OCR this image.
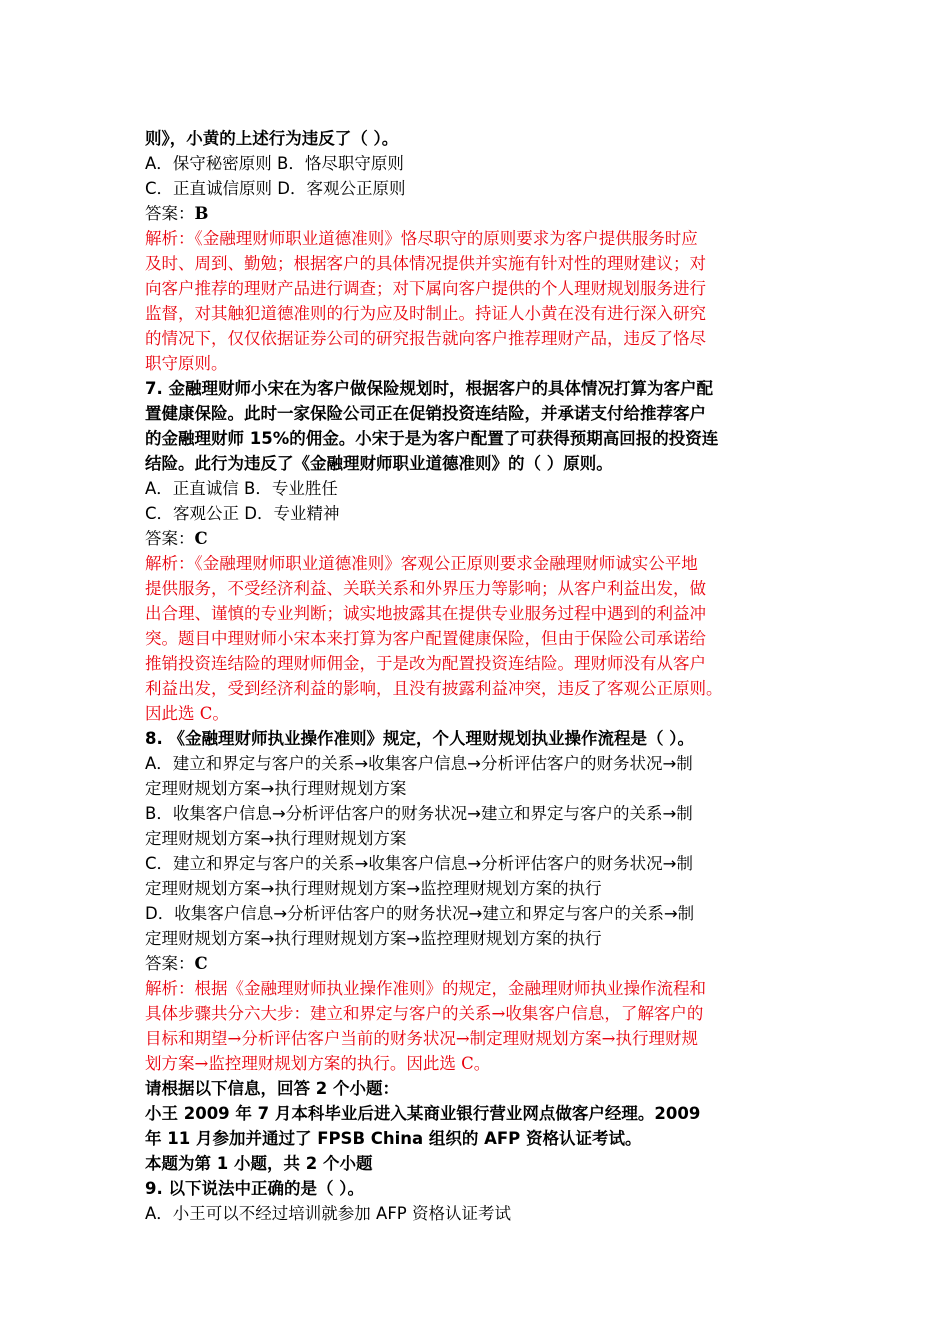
则》，小黄的上述行为违反了（ ）。
A．保守秘密原则 B．恪尽职守原则
C．正直诚信原则 D．客观公正原则
答案：B
解析：《金融理财师职业道德准则》恪尽职守的原则要求为客户提供服务时应
及时、周到、勤勉；根据客户的具体情况提供并实施有针对性的理财建议；对
向客户推荐的理财产品进行调查；对下属向客户提供的个人理财规划服务进行
监督，对其触犯道德准则的行为应及时制止。持证人小黄在没有进行深入研究
的情况下，仅仅依据证券公司的研究报告就向客户推荐理财产品，违反了恪尽
职守原则。
7. 金融理财师小宋在为客户做保险规划时，根据客户的具体情况打算为客户配
置健康保险。此时一家保险公司正在促销投资连结险，并承诺支付给推荐客户
的金融理财师 15%的佣金。小宋于是为客户配置了可获得预期高回报的投资连
结险。此行为违反了《金融理财师职业道德准则》的（ ）原则。
A．正直诚信 B．专业胜任
C．客观公正 D．专业精神
答案：C
解析：《金融理财师职业道德准则》客观公正原则要求金融理财师诚实公平地
提供服务，不受经济利益、关联关系和外界压力等影响；从客户利益出发，做
出合理、谨慎的专业判断；诚实地披露其在提供专业服务过程中遇到的利益冲
突。题目中理财师小宋本来打算为客户配置健康保险，但由于保险公司承诺给
推销投资连结险的理财师佣金，于是改为配置投资连结险。理财师没有从客户
利益出发，受到经济利益的影响，且没有披露利益冲突，违反了客观公正原则。
因此选 C。
8. 《金融理财师执业操作准则》规定，个人理财规划执业操作流程是（ ）。
A．建立和界定与客户的关系→收集客户信息→分析评估客户的财务状况→制
定理财规划方案→执行理财规划方案
B．收集客户信息→分析评估客户的财务状况→建立和界定与客户的关系→制
定理财规划方案→执行理财规划方案
C．建立和界定与客户的关系→收集客户信息→分析评估客户的财务状况→制
定理财规划方案→执行理财规划方案→监控理财规划方案的执行
D．收集客户信息→分析评估客户的财务状况→建立和界定与客户的关系→制
定理财规划方案→执行理财规划方案→监控理财规划方案的执行
答案：C
解析：根据《金融理财师执业操作准则》的规定，金融理财师执业操作流程和
具体步骤共分六大步：建立和界定与客户的关系→收集客户信息，了解客户的
目标和期望→分析评估客户当前的财务状况→制定理财规划方案→执行理财规
划方案→监控理财规划方案的执行。因此选 C。
请根据以下信息，回答 2 个小题：
小王 2009 年 7 月本科毕业后进入某商业银行营业网点做客户经理。2009
年 11 月参加并通过了 FPSB China 组织的 AFP 资格认证考试。
本题为第 1 小题，共 2 个小题
9. 以下说法中正确的是（ ）。
A．小王可以不经过培训就参加 AFP 资格认证考试
